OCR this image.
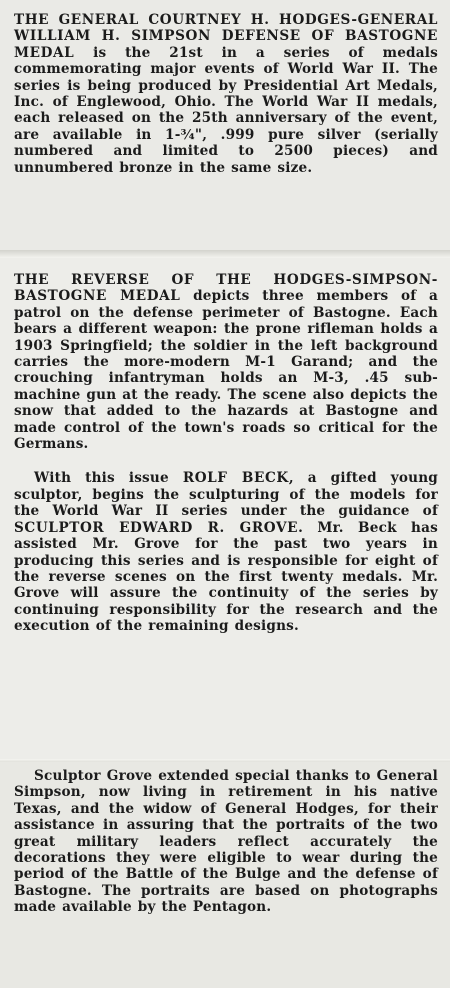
THE GENERAL COURTNEY H. HODGES-GENERAL WILLIAM H. SIMPSON DEFENSE OF BASTOGNE MEDAL is the 21st in a series of medals commemorating major events of World War II. The series is being produced by Presidential Art Medals, Inc. of Englewood, Ohio. The World War II medals, each released on the 25th anniversary of the event, are available in 1-¾", .999 pure silver (serially numbered and limited to 2500 pieces) and unnumbered bronze in the same size.

THE REVERSE OF THE HODGES-SIMPSON-BASTOGNE MEDAL depicts three members of a patrol on the defense perimeter of Bastogne. Each bears a different weapon: the prone rifleman holds a 1903 Springfield; the soldier in the left background carries the more-modern M-1 Garand; and the crouching infantryman holds an M-3, .45 sub-machine gun at the ready. The scene also depicts the snow that added to the hazards at Bastogne and made control of the town's roads so critical for the Germans.

With this issue ROLF BECK, a gifted young sculptor, begins the sculpturing of the models for the World War II series under the guidance of SCULPTOR EDWARD R. GROVE. Mr. Beck has assisted Mr. Grove for the past two years in producing this series and is responsible for eight of the reverse scenes on the first twenty medals. Mr. Grove will assure the continuity of the series by continuing responsibility for the research and the execution of the remaining designs.

Sculptor Grove extended special thanks to General Simpson, now living in retirement in his native Texas, and the widow of General Hodges, for their assistance in assuring that the portraits of the two great military leaders reflect accurately the decorations they were eligible to wear during the period of the Battle of the Bulge and the defense of Bastogne. The portraits are based on photographs made available by the Pentagon.
